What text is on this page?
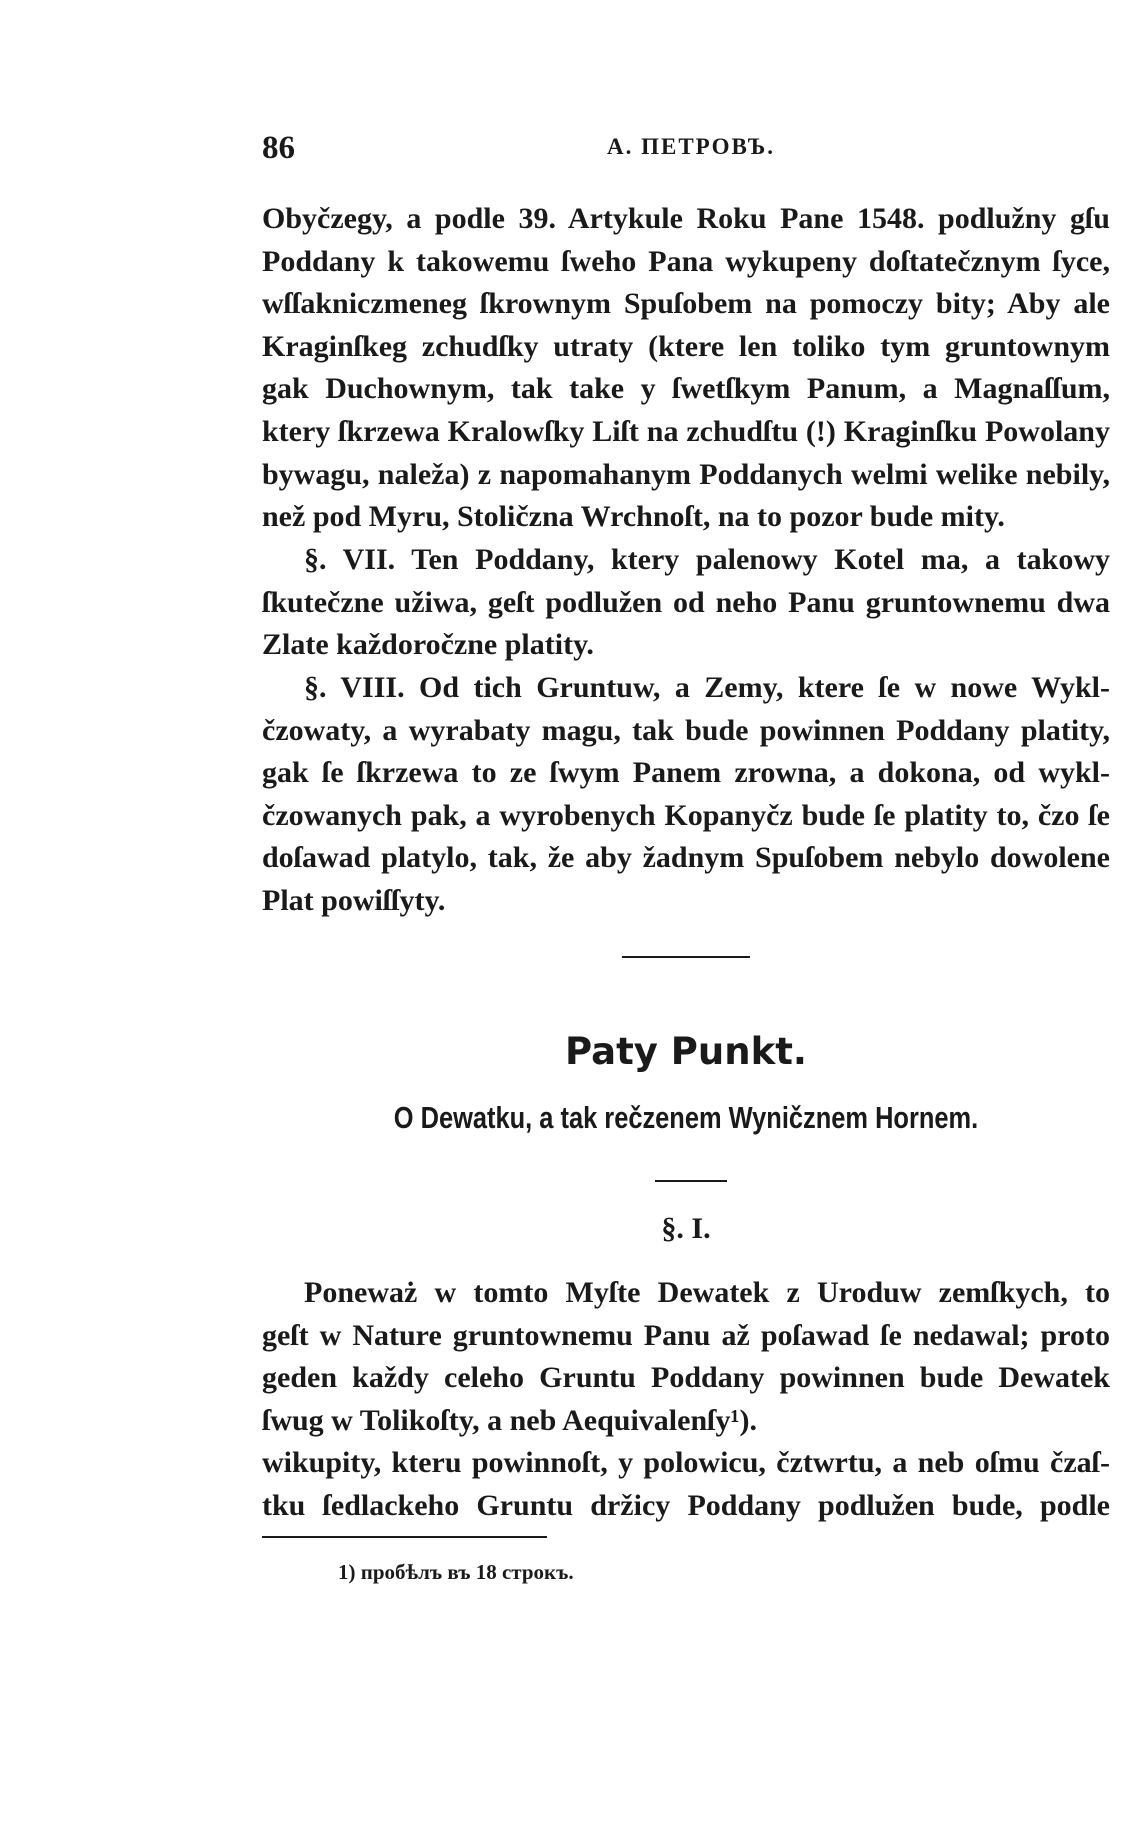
86	А. ПЕТРОВЪ.
Obyčzegy, a podle 39. Artykule Roku Pane 1548. podlužny gſu
Poddany k takowemu ſweho Pana wykupeny doſtatečznym ſyce,
wſſakniczmeneg ſkrownym Spuſobem na pomoczy bity; Aby ale
Kraginſkeg zchudſky utraty (ktere len toliko tym gruntownym
gak Duchownym, tak take y ſwetſkym Panum, a Magnaſſum,
ktery ſkrzewa Kralowſky Liſt na zchudſtu (!) Kraginſku Powolany
bywagu, naleža) z napomahanym Poddanych welmi welike nebily,
než pod Myru, Stoličzna Wrchnoſt, na to pozor bude mity.
§. VII. Ten Poddany, ktery palenowy Kotel ma, a takowy
ſkutečzne užiwa, geſt podlužen od neho Panu gruntownemu dwa
Zlate každoročzne platity.
§. VIII. Od tich Gruntuw, a Zemy, ktere ſe w nowe Wykl-
čzowaty, a wyrabaty magu, tak bude powinnen Poddany platity,
gak ſe ſkrzewa to ze ſwym Panem zrowna, a dokona, od wykl-
čzowanych pak, a wyrobenych Kopanyčz bude ſe platity to, čzo ſe
doſawad platylo, tak, že aby žadnym Spuſobem nebylo dowolene
Plat powiſſyty.
Paty Punkt.
O Dewatku, a tak rečzenem Wyničznem Hornem.
§. I.
Poneważ w tomto Myſte Dewatek z Uroduw zemſkych, to
geſt w Nature gruntownemu Panu až poſawad ſe nedawal; proto
geden každy celeho Gruntu Poddany powinnen bude Dewatek
ſwug w Tolikoſty, a neb Aequivalenſy¹).
wikupity, kteru powinnoſt, y polowicu, čztwrtu, a neb oſmu čzaſ-
tku ſedlackeho Gruntu držicy Poddany podlužen bude, podle
1) пробѣлъ въ 18 строкъ.
